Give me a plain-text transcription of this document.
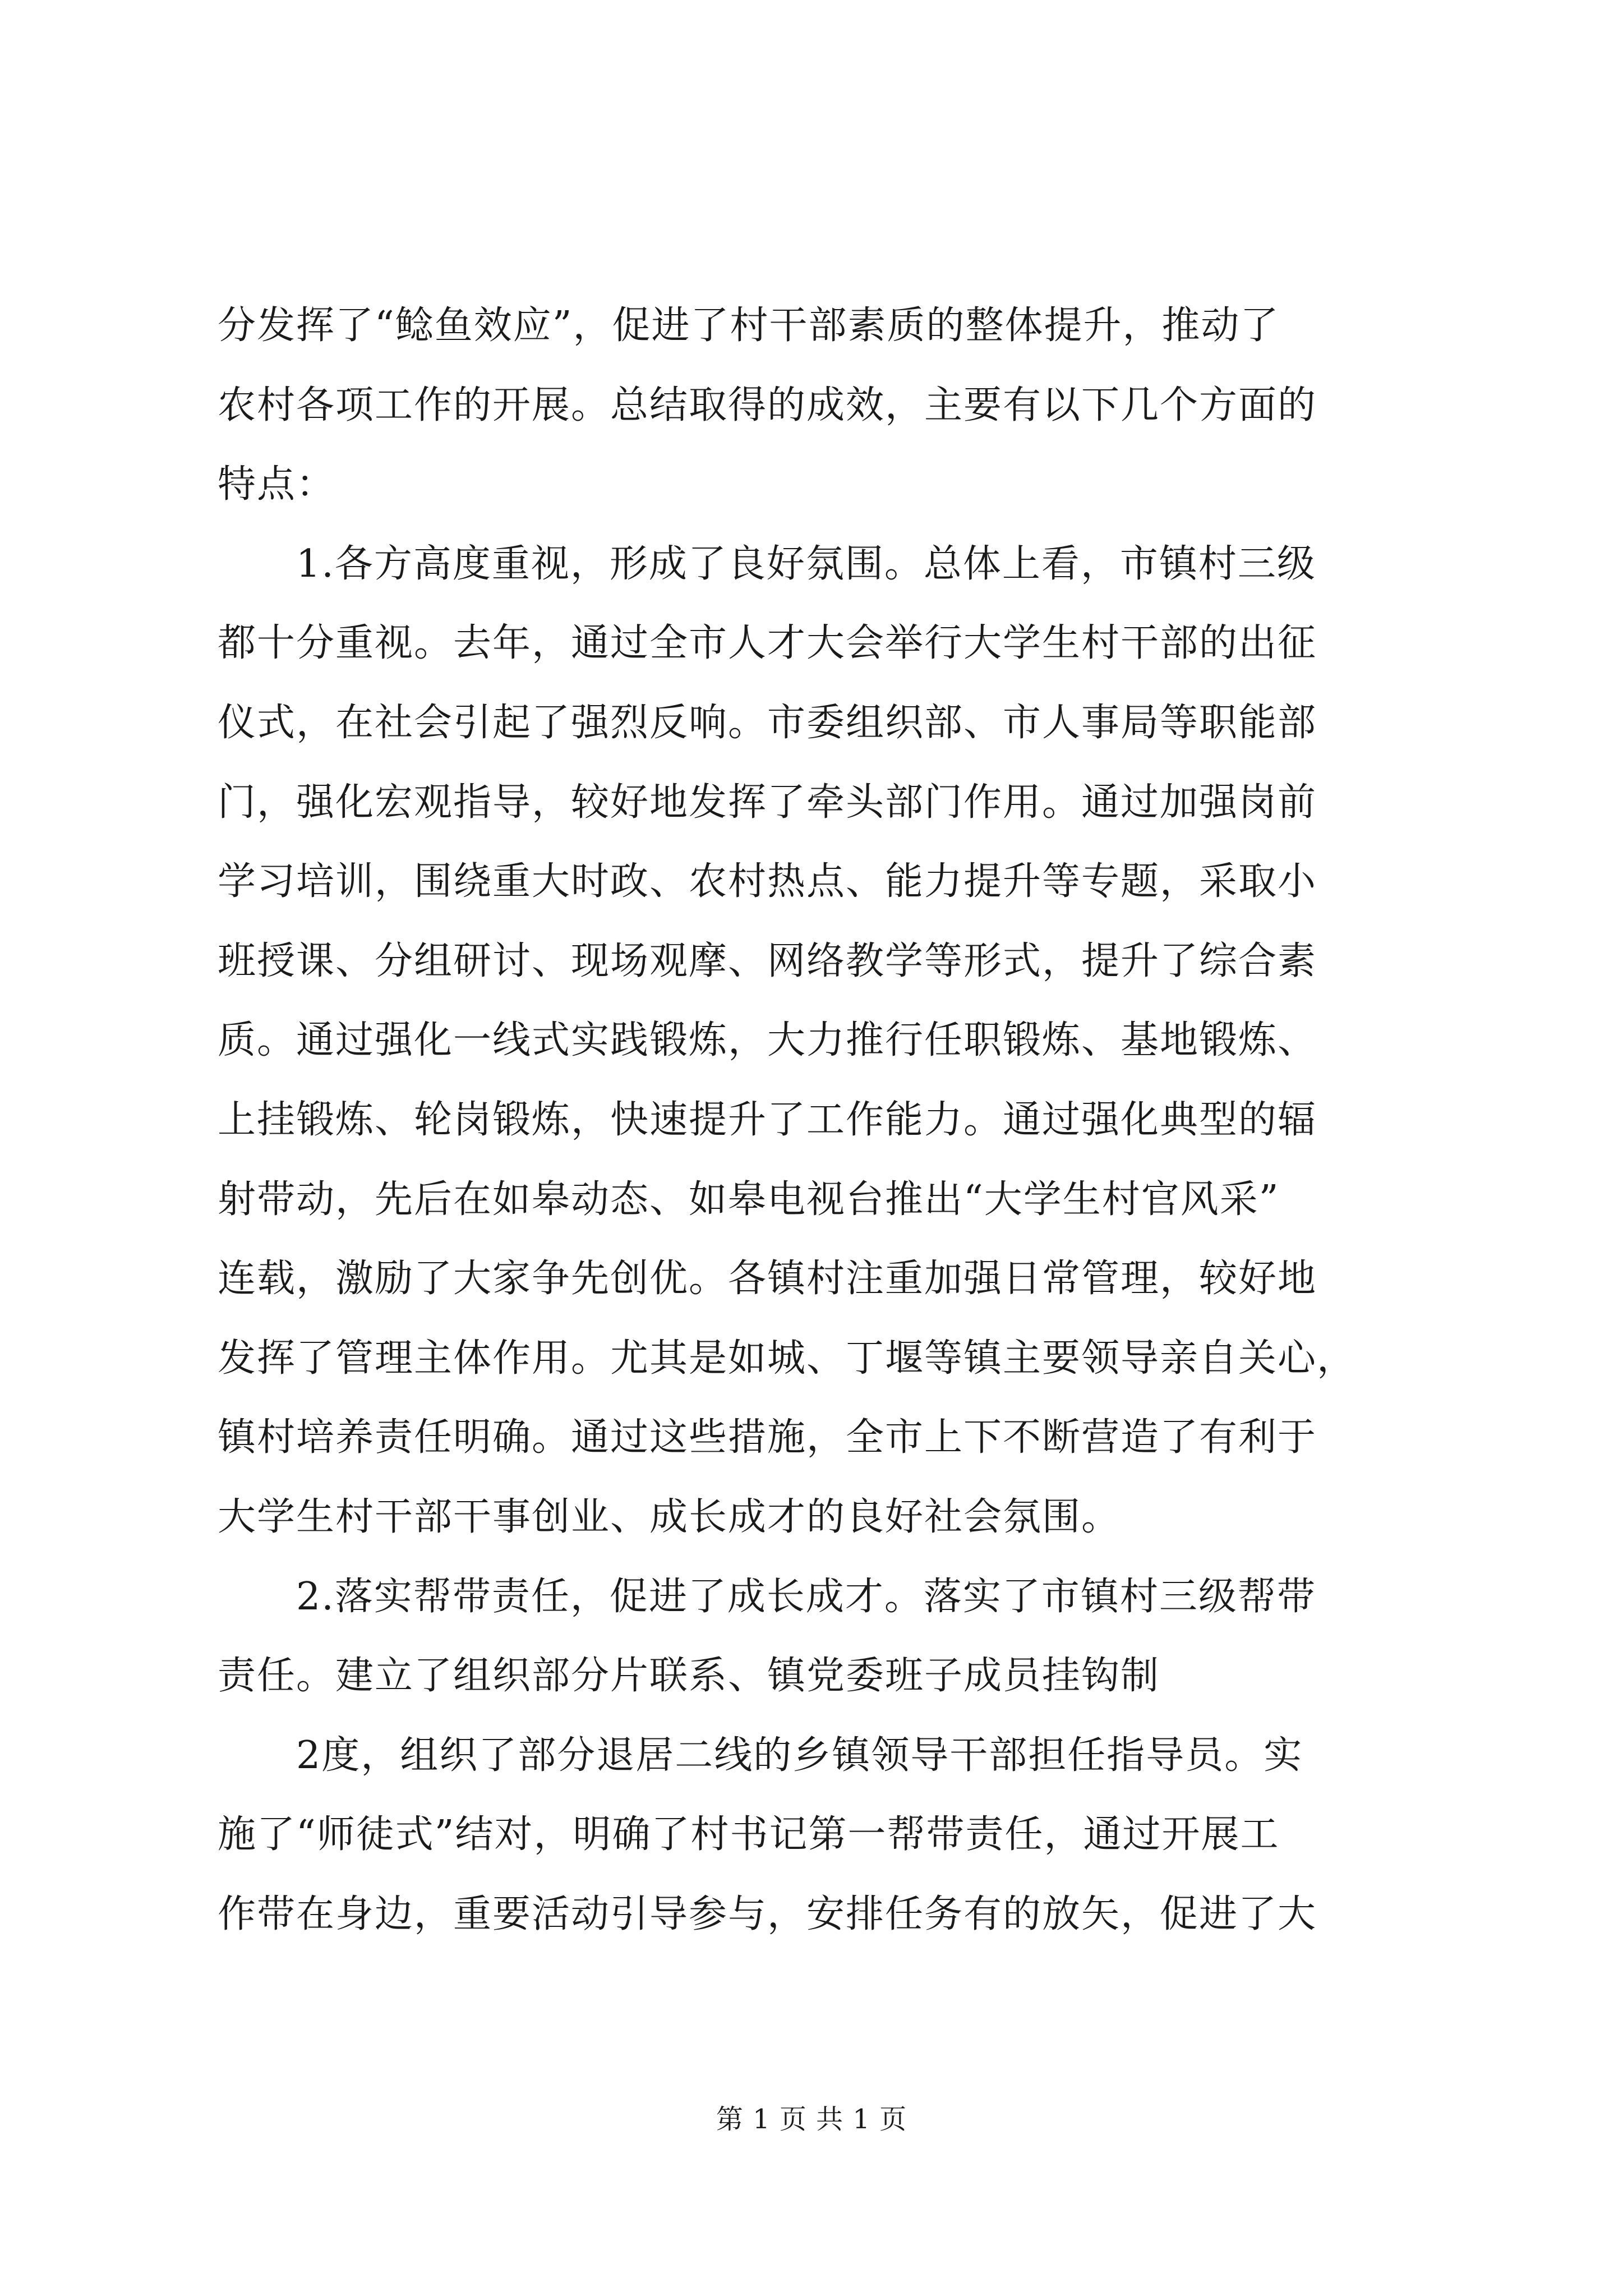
分发挥了“鲶鱼效应”，促进了村干部素质的整体提升，推动了
农村各项工作的开展。总结取得的成效，主要有以下几个方面的
特点：
1.各方高度重视，形成了良好氛围。总体上看，市镇村三级
都十分重视。去年，通过全市人才大会举行大学生村干部的出征
仪式，在社会引起了强烈反响。市委组织部、市人事局等职能部
门，强化宏观指导，较好地发挥了牵头部门作用。通过加强岗前
学习培训，围绕重大时政、农村热点、能力提升等专题，采取小
班授课、分组研讨、现场观摩、网络教学等形式，提升了综合素
质。通过强化一线式实践锻炼，大力推行任职锻炼、基地锻炼、
上挂锻炼、轮岗锻炼，快速提升了工作能力。通过强化典型的辐
射带动，先后在如皋动态、如皋电视台推出“大学生村官风采”
连载，激励了大家争先创优。各镇村注重加强日常管理，较好地
发挥了管理主体作用。尤其是如城、丁堰等镇主要领导亲自关心，
镇村培养责任明确。通过这些措施，全市上下不断营造了有利于
大学生村干部干事创业、成长成才的良好社会氛围。
2.落实帮带责任，促进了成长成才。落实了市镇村三级帮带
责任。建立了组织部分片联系、镇党委班子成员挂钩制
2度，组织了部分退居二线的乡镇领导干部担任指导员。实
施了“师徒式”结对，明确了村书记第一帮带责任，通过开展工
作带在身边，重要活动引导参与，安排任务有的放矢，促进了大
第 1 页 共 1 页
